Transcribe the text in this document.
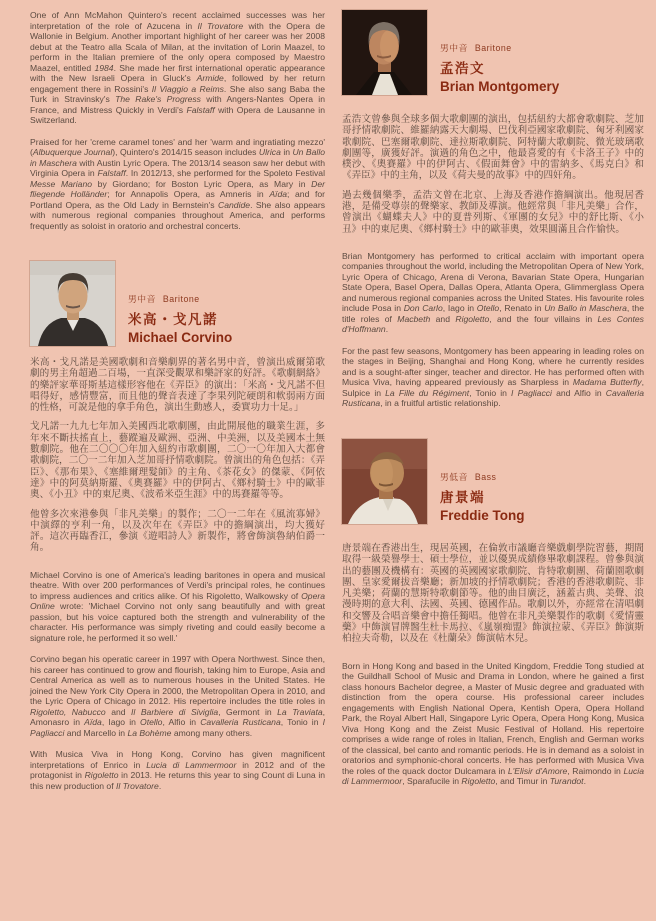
One of Ann McMahon Quintero's recent acclaimed successes was her interpretation of the role of Azucena in Il Trovatore with the Opera de Wallonie in Belgium. Another important highlight of her career was her 2008 debut at the Teatro alla Scala of Milan, at the invitation of Lorin Maazel, to perform in the Italian premiere of the only opera composed by Maestro Maazel, entitled 1984. She made her first international operatic appearance with the New Israeli Opera in Gluck's Armide, followed by her return engagement there in Rossini's Il Viaggio a Reims. She also sang Baba the Turk in Stravinsky's The Rake's Progress with Angers-Nantes Opera in France, and Mistress Quickly in Verdi's Falstaff with Opera de Lausanne in Switzerland.

Praised for her 'creme caramel tones' and her 'warm and ingratiating mezzo' (Albuquerque Journal), Quintero's 2014/15 season includes Ulrica in Un Ballo in Maschera with Austin Lyric Opera. The 2013/14 season saw her debut with Virginia Opera in Falstaff. In 2012/13, she performed for the Spoleto Festival Messe Mariano by Giordano; for Boston Lyric Opera, as Mary in Der fliegende Holländer; for Annapolis Opera, as Amneris in Aïda; and for Portland Opera, as the Old Lady in Bernstein's Candide. She also appears with numerous regional companies throughout America, and performs frequently as soloist in oratorio and orchestral concerts.

男中音 Baritone
米高・戈凡諾
Michael Corvino

米高・戈凡諾是美國歌劇和音樂劇界的著名男中音，曾演出威爾第歌劇的男主角超過二百場，一直深受觀眾和樂評家的好評。《歌劇網絡》的樂評家華哥斯基這樣形容他在《弄臣》的演出：「米高・戈凡諾不但唱得好，感情豐富，而且他的聲音表達了李果列陀硬朗和軟弱兩方面的性格，可說是他的拿手角色，演出生動感人，委實功力十足。」

戈凡諾一九九七年加入美國西北歌劇團，由此開展他的職業生涯，多年來不斷扶搖直上，藝蹤遍及歐洲、亞洲、中美洲，以及美國本土無數劇院。他在二〇〇〇年加入紐約市歌劇團，二〇一〇年加入大都會歌劇院，二〇一二年加入芝加哥抒情歌劇院。曾演出的角色包括：《弄臣》、《那布果》、《塞維爾理髮師》的主角、《茶花女》的傑蒙、《阿依達》中的阿莫納斯羅、《奧賽羅》中的伊阿古、《鄉村騎士》中的歐菲奧、《小丑》中的東尼奧、《波希米亞生涯》中的馬賽羅等等。

他曾多次來港參與「非凡美樂」的製作；二〇一二年在《風流寡婦》中演繹的亨利一角，以及次年在《弄臣》中的擔綱演出，均大獲好評。這次再臨香江，參演《遊唱詩人》新製作，將會飾演魯納伯爵一角。

Michael Corvino is one of America's leading baritones in opera and musical theatre. With over 200 performances of Verdi's principal roles, he continues to impress audiences and critics alike. Of his Rigoletto, Walkowsky of Opera Online wrote: 'Michael Corvino not only sang beautifully and with great passion, but his voice captured both the strength and vulnerability of the character. His performance was simply riveting and could easily become a signature role, he performed it so well.'

Corvino began his operatic career in 1997 with Opera Northwest. Since then, his career has continued to grow and flourish, taking him to Europe, Asia and Central America as well as to numerous houses in the United States. He joined the New York City Opera in 2000, the Metropolitan Opera in 2010, and the Lyric Opera of Chicago in 2012. His repertoire includes the title roles in Rigoletto, Nabucco and Il Barbiere di Siviglia, Germont in La Traviata, Amonasro in Aïda, Iago in Otello, Alfio in Cavalleria Rusticana, Tonio in I Pagliacci and Marcello in La Bohème among many others.

With Musica Viva in Hong Kong, Corvino has given magnificent interpretations of Enrico in Lucia di Lammermoor in 2012 and of the protagonist in Rigoletto in 2013. He returns this year to sing Count di Luna in this new production of Il Trovatore.

男中音 Baritone
孟浩文
Brian Montgomery

孟浩文曾參與全球多個大歌劇團的演出，包括紐約大都會歌劇院、芝加哥抒情歌劇院、維羅納露天大劇場、巴伐利亞國家歌劇院、匈牙利國家歌劇院、巴塞爾歌劇院、達拉斯歌劇院、阿特蘭大歌劇院、微光玻璃歌劇團等，廣獲好評。演過的角色之中，他最喜愛的有《卡洛王子》中的樸沙、《奧賽羅》中的伊阿古、《假面舞會》中的雷納多、《馬克白》和《弄臣》中的主角，以及《荷夫曼的故事》中的四奸角。

過去幾個樂季，孟浩文曾在北京、上海及香港作擔綱演出。他現居香港，是備受尊崇的聲樂家、教師及導演。他經常與「非凡美樂」合作，曾演出《蝴蝶夫人》中的夏普列斯、《軍團的女兒》中的舒比斯、《小丑》中的東尼奧、《鄉村騎士》中的歐菲奧，效果圓滿且合作愉快。

Brian Montgomery has performed to critical acclaim with important opera companies throughout the world, including the Metropolitan Opera of New York, Lyric Opera of Chicago, Arena di Verona, Bavarian State Opera, Hungarian State Opera, Basel Opera, Dallas Opera, Atlanta Opera, Glimmerglass Opera and numerous regional companies across the United States. His favourite roles include Posa in Don Carlo, Iago in Otello, Renato in Un Ballo in Maschera, the title roles of Macbeth and Rigoletto, and the four villains in Les Contes d'Hoffmann.

For the past few seasons, Montgomery has been appearing in leading roles on the stages in Beijing, Shanghai and Hong Kong, where he currently resides and is a sought-after singer, teacher and director. He has performed often with Musica Viva, having appeared previously as Sharpless in Madama Butterfly, Sulpice in La Fille du Régiment, Tonio in I Pagliacci and Alfio in Cavalleria Rusticana, in a fruitful artistic relationship.

男低音 Bass
唐景端
Freddie Tong

唐景端在香港出生，現居英國，在倫敦市議廳音樂戲劇學院習藝，期間取得一級榮譽學士、碩士學位，並以優異成績修畢歌劇課程。曾參與演出的藝團及機構有：英國的英國國家歌劇院、肯特歌劇團、荷蘭園歌劇團、皇家愛爾拔音樂廳；新加坡的抒情歌劇院；香港的香港歌劇院、非凡美樂；荷蘭的慧斯特歌劇節等。他的曲目廣泛，涵蓋古典、美聲、浪漫時期的意大利、法國、英國、德國作品。歌劇以外，亦經常在清唱劇和交響及合唱音樂會中擔任獨唱。他曾在非凡美樂製作的歌劇《愛情靈藥》中飾演冒牌醫生杜卡馬拉、《嵐嶺痴盟》飾演拉蒙、《弄臣》飾演斯柏拉夫奇勒，以及在《杜蘭朵》飾演帖木兒。

Born in Hong Kong and based in the United Kingdom, Freddie Tong studied at the Guildhall School of Music and Drama in London, where he gained a first class honours Bachelor degree, a Master of Music degree and graduated with distinction from the opera course. His professional career includes engagements with English National Opera, Kentish Opera, Opera Holland Park, the Royal Albert Hall, Singapore Lyric Opera, Opera Hong Kong, Musica Viva Hong Kong and the Zeist Music Festival of Holland. His repertoire comprises a wide range of roles in Italian, French, English and German works of the classical, bel canto and romantic periods. He is in demand as a soloist in oratorios and symphonic-choral concerts. He has performed with Musica Viva the roles of the quack doctor Dulcamara in L'Elisir d'Amore, Raimondo in Lucia di Lammermoor, Sparafucile in Rigoletto, and Timur in Turandot.
